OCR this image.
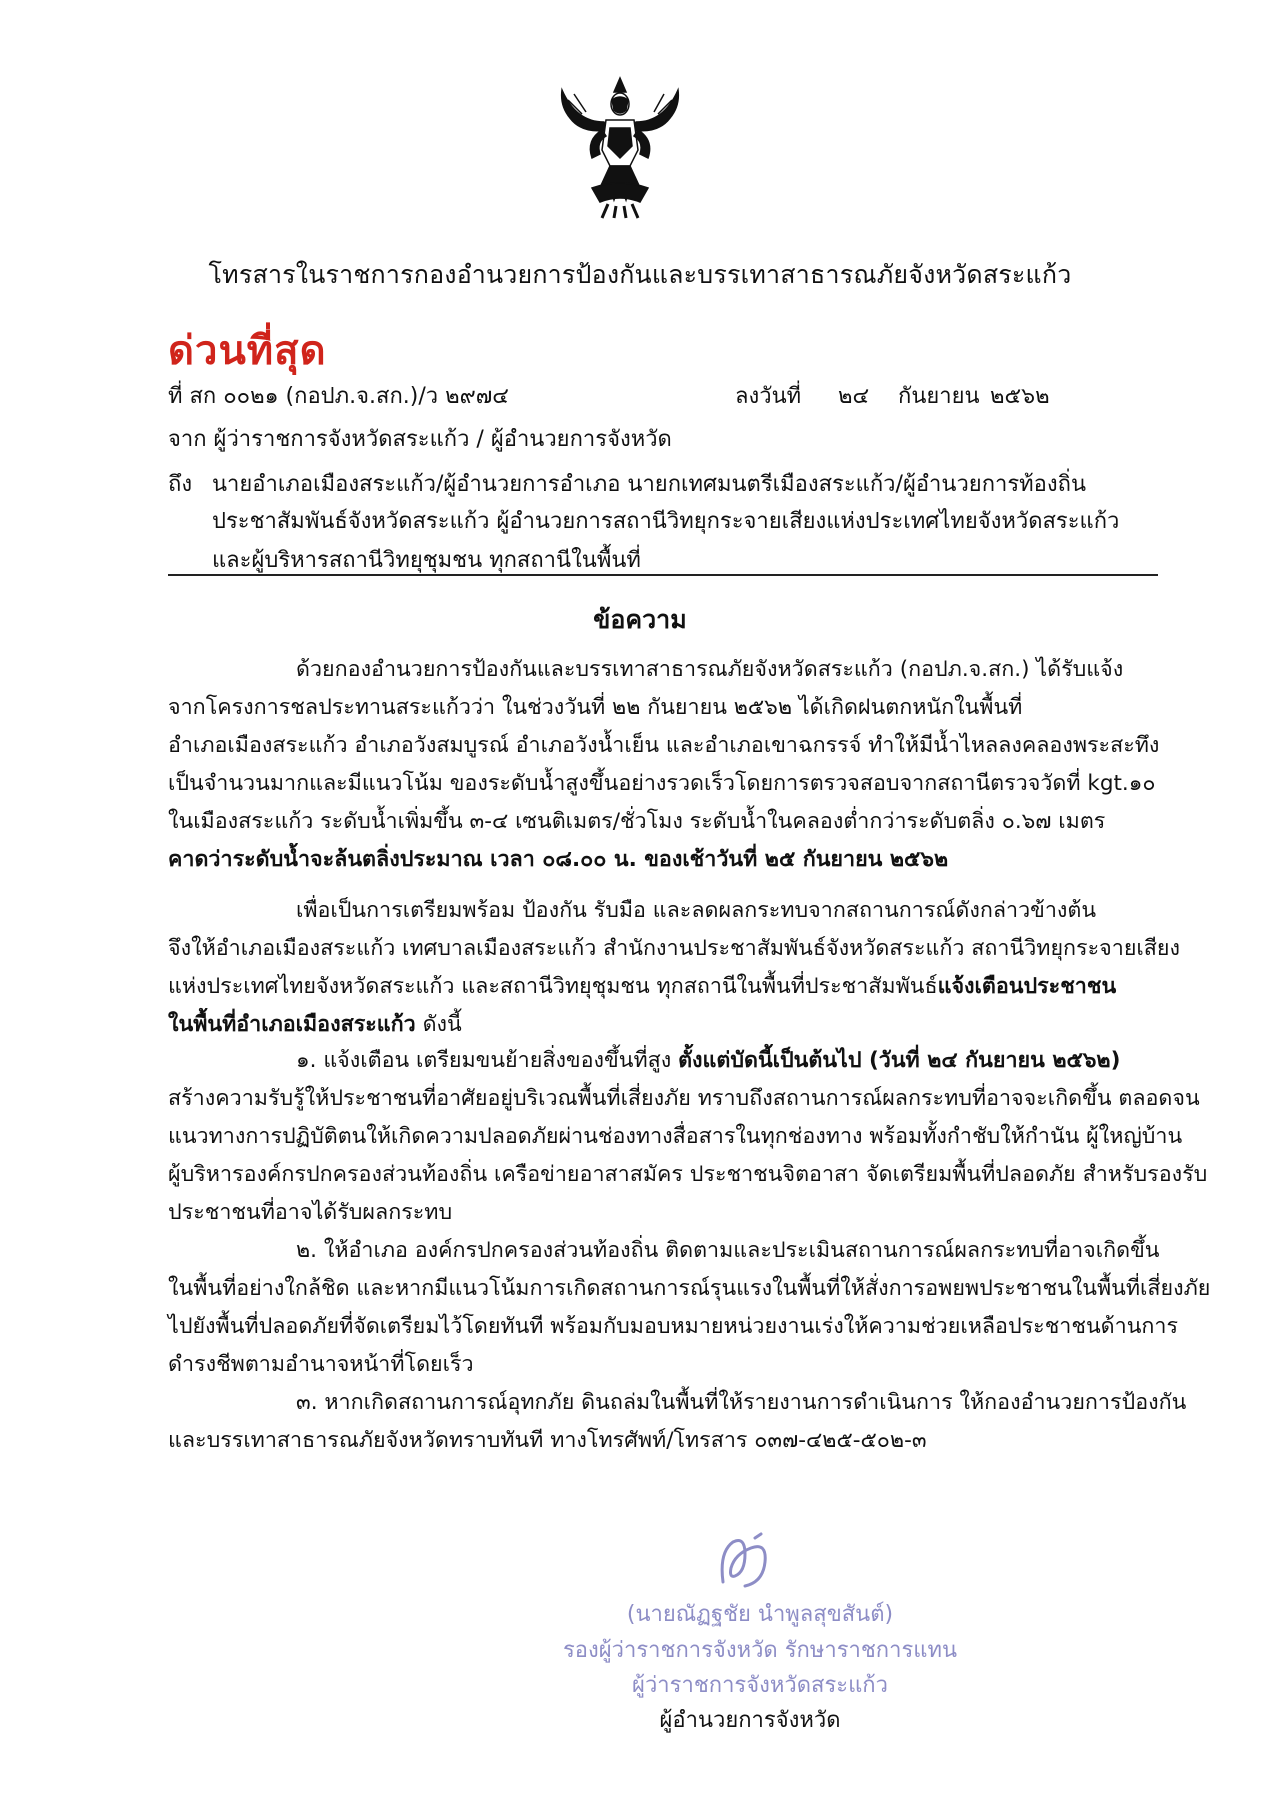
โทรสารในราชการกองอำนวยการป้องกันและบรรเทาสาธารณภัยจังหวัดสระแก้ว
ด่วนที่สุด
ที่ สก ๐๐๒๑ (กอปภ.จ.สก.)/ว ๒๙๗๔	ลงวันที่ ๒๔ กันยายน ๒๕๖๒
จาก ผู้ว่าราชการจังหวัดสระแก้ว / ผู้อำนวยการจังหวัด
ถึง นายอำเภอเมืองสระแก้ว/ผู้อำนวยการอำเภอ นายกเทศมนตรีเมืองสระแก้ว/ผู้อำนวยการท้องถิ่น
ประชาสัมพันธ์จังหวัดสระแก้ว ผู้อำนวยการสถานีวิทยุกระจายเสียงแห่งประเทศไทยจังหวัดสระแก้ว
และผู้บริหารสถานีวิทยุชุมชน ทุกสถานีในพื้นที่
ข้อความ
ด้วยกองอำนวยการป้องกันและบรรเทาสาธารณภัยจังหวัดสระแก้ว (กอปภ.จ.สก.) ได้รับแจ้ง
จากโครงการชลประทานสระแก้วว่า ในช่วงวันที่ ๒๒ กันยายน ๒๕๖๒ ได้เกิดฝนตกหนักในพื้นที่
อำเภอเมืองสระแก้ว อำเภอวังสมบูรณ์ อำเภอวังน้ำเย็น และอำเภอเขาฉกรรจ์ ทำให้มีน้ำไหลลงคลองพระสะทึง
เป็นจำนวนมากและมีแนวโน้ม ของระดับน้ำสูงขึ้นอย่างรวดเร็วโดยการตรวจสอบจากสถานีตรวจวัดที่ kgt.๑๐
ในเมืองสระแก้ว ระดับน้ำเพิ่มขึ้น ๓-๔ เซนติเมตร/ชั่วโมง ระดับน้ำในคลองต่ำกว่าระดับตลิ่ง ๐.๖๗ เมตร
คาดว่าระดับน้ำจะล้นตลิ่งประมาณ เวลา ๐๘.๐๐ น. ของเช้าวันที่ ๒๕ กันยายน ๒๕๖๒
เพื่อเป็นการเตรียมพร้อม ป้องกัน รับมือ และลดผลกระทบจากสถานการณ์ดังกล่าวข้างต้น
จึงให้อำเภอเมืองสระแก้ว เทศบาลเมืองสระแก้ว สำนักงานประชาสัมพันธ์จังหวัดสระแก้ว สถานีวิทยุกระจายเสียง
แห่งประเทศไทยจังหวัดสระแก้ว และสถานีวิทยุชุมชน ทุกสถานีในพื้นที่ประชาสัมพันธ์แจ้งเตือนประชาชน
ในพื้นที่อำเภอเมืองสระแก้ว ดังนี้
๑. แจ้งเตือน เตรียมขนย้ายสิ่งของขึ้นที่สูง ตั้งแต่บัดนี้เป็นต้นไป (วันที่ ๒๔ กันยายน ๒๕๖๒)
สร้างความรับรู้ให้ประชาชนที่อาศัยอยู่บริเวณพื้นที่เสี่ยงภัย ทราบถึงสถานการณ์ผลกระทบที่อาจจะเกิดขึ้น ตลอดจน
แนวทางการปฏิบัติตนให้เกิดความปลอดภัยผ่านช่องทางสื่อสารในทุกช่องทาง พร้อมทั้งกำชับให้กำนัน ผู้ใหญ่บ้าน
ผู้บริหารองค์กรปกครองส่วนท้องถิ่น เครือข่ายอาสาสมัคร ประชาชนจิตอาสา จัดเตรียมพื้นที่ปลอดภัย สำหรับรองรับ
ประชาชนที่อาจได้รับผลกระทบ
๒. ให้อำเภอ องค์กรปกครองส่วนท้องถิ่น ติดตามและประเมินสถานการณ์ผลกระทบที่อาจเกิดขึ้น
ในพื้นที่อย่างใกล้ชิด และหากมีแนวโน้มการเกิดสถานการณ์รุนแรงในพื้นที่ให้สั่งการอพยพประชาชนในพื้นที่เสี่ยงภัย
ไปยังพื้นที่ปลอดภัยที่จัดเตรียมไว้โดยทันที พร้อมกับมอบหมายหน่วยงานเร่งให้ความช่วยเหลือประชาชนด้านการ
ดำรงชีพตามอำนาจหน้าที่โดยเร็ว
๓. หากเกิดสถานการณ์อุทกภัย ดินถล่มในพื้นที่ให้รายงานการดำเนินการ ให้กองอำนวยการป้องกัน
และบรรเทาสาธารณภัยจังหวัดทราบทันที ทางโทรศัพท์/โทรสาร ๐๓๗-๔๒๕-๕๐๒-๓
(นายณัฏฐชัย นำพูลสุขสันต์)
รองผู้ว่าราชการจังหวัด รักษาราชการแทน
ผู้ว่าราชการจังหวัดสระแก้ว
ผู้อำนวยการจังหวัด
